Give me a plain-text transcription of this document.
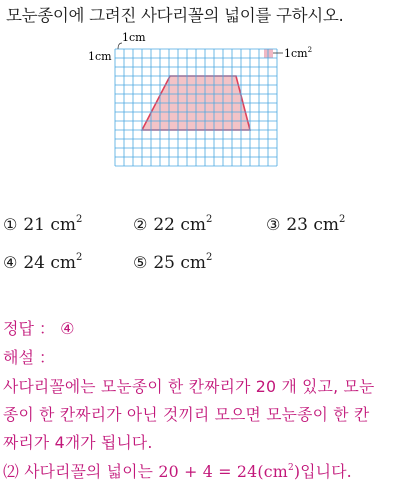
모눈종이에 그려진 사다리꼴의 넓이를 구하시오.
1cm
1cm	$1cm^2$
① 21 $cm^2$	② 22 $cm^2$	③ 23 $cm^2$
④ 24 $cm^2$	⑤ 25 $cm^2$
정답 ： ④
해설 ：
사다리꼴에는 모눈종이 한 칸짜리가 20 개 있고, 모눈
종이 한 칸짜리가 아닌 것끼리 모으면 모눈종이 한 칸
짜리가 4개가 됩니다.
⑵ 사다리꼴의 넓이는 $20 + 4 = 24(cm^2)$입니다.
